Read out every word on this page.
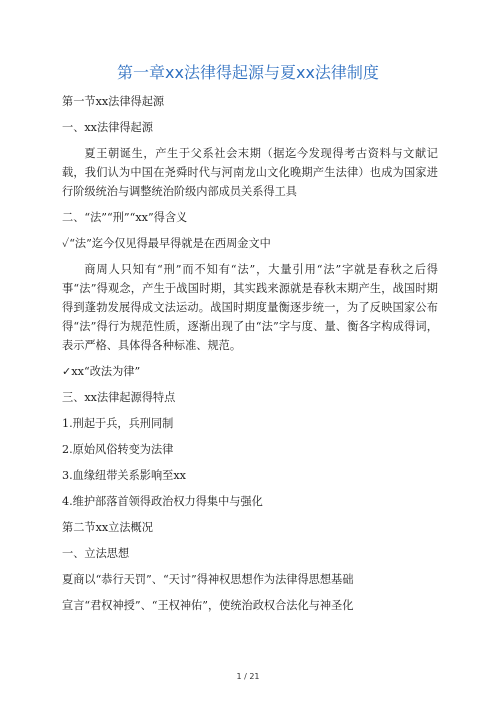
第一章xx法律得起源与夏xx法律制度

第一节xx法律得起源

一、xx法律得起源

夏王朝诞生，产生于父系社会末期（据迄今发现得考古资料与文献记载，我们认为中国在尧舜时代与河南龙山文化晚期产生法律）也成为国家进行阶级统治与调整统治阶级内部成员关系得工具

二、“法”“刑”“xx”得含义

✓“法”迄今仅见得最早得就是在西周金文中

商周人只知有“刑”而不知有“法”，大量引用“法”字就是春秋之后得事“法”得观念，产生于战国时期，其实践来源就是春秋末期产生，战国时期得到蓬勃发展得成文法运动。战国时期度量衡逐步统一，为了反映国家公布得“法”得行为规范性质，逐渐出现了由“法”字与度、量、衡各字构成得词，表示严格、具体得各种标准、规范。

✓xx“改法为律”

三、xx法律起源得特点

1.刑起于兵，兵刑同制

2.原始风俗转变为法律

3.血缘纽带关系影响至xx

4.维护部落首领得政治权力得集中与强化

第二节xx立法概况

一、立法思想

夏商以“恭行天罚”、“天讨”得神权思想作为法律得思想基础

宣言“君权神授”、“王权神佑”，使统治政权合法化与神圣化

1 / 21
